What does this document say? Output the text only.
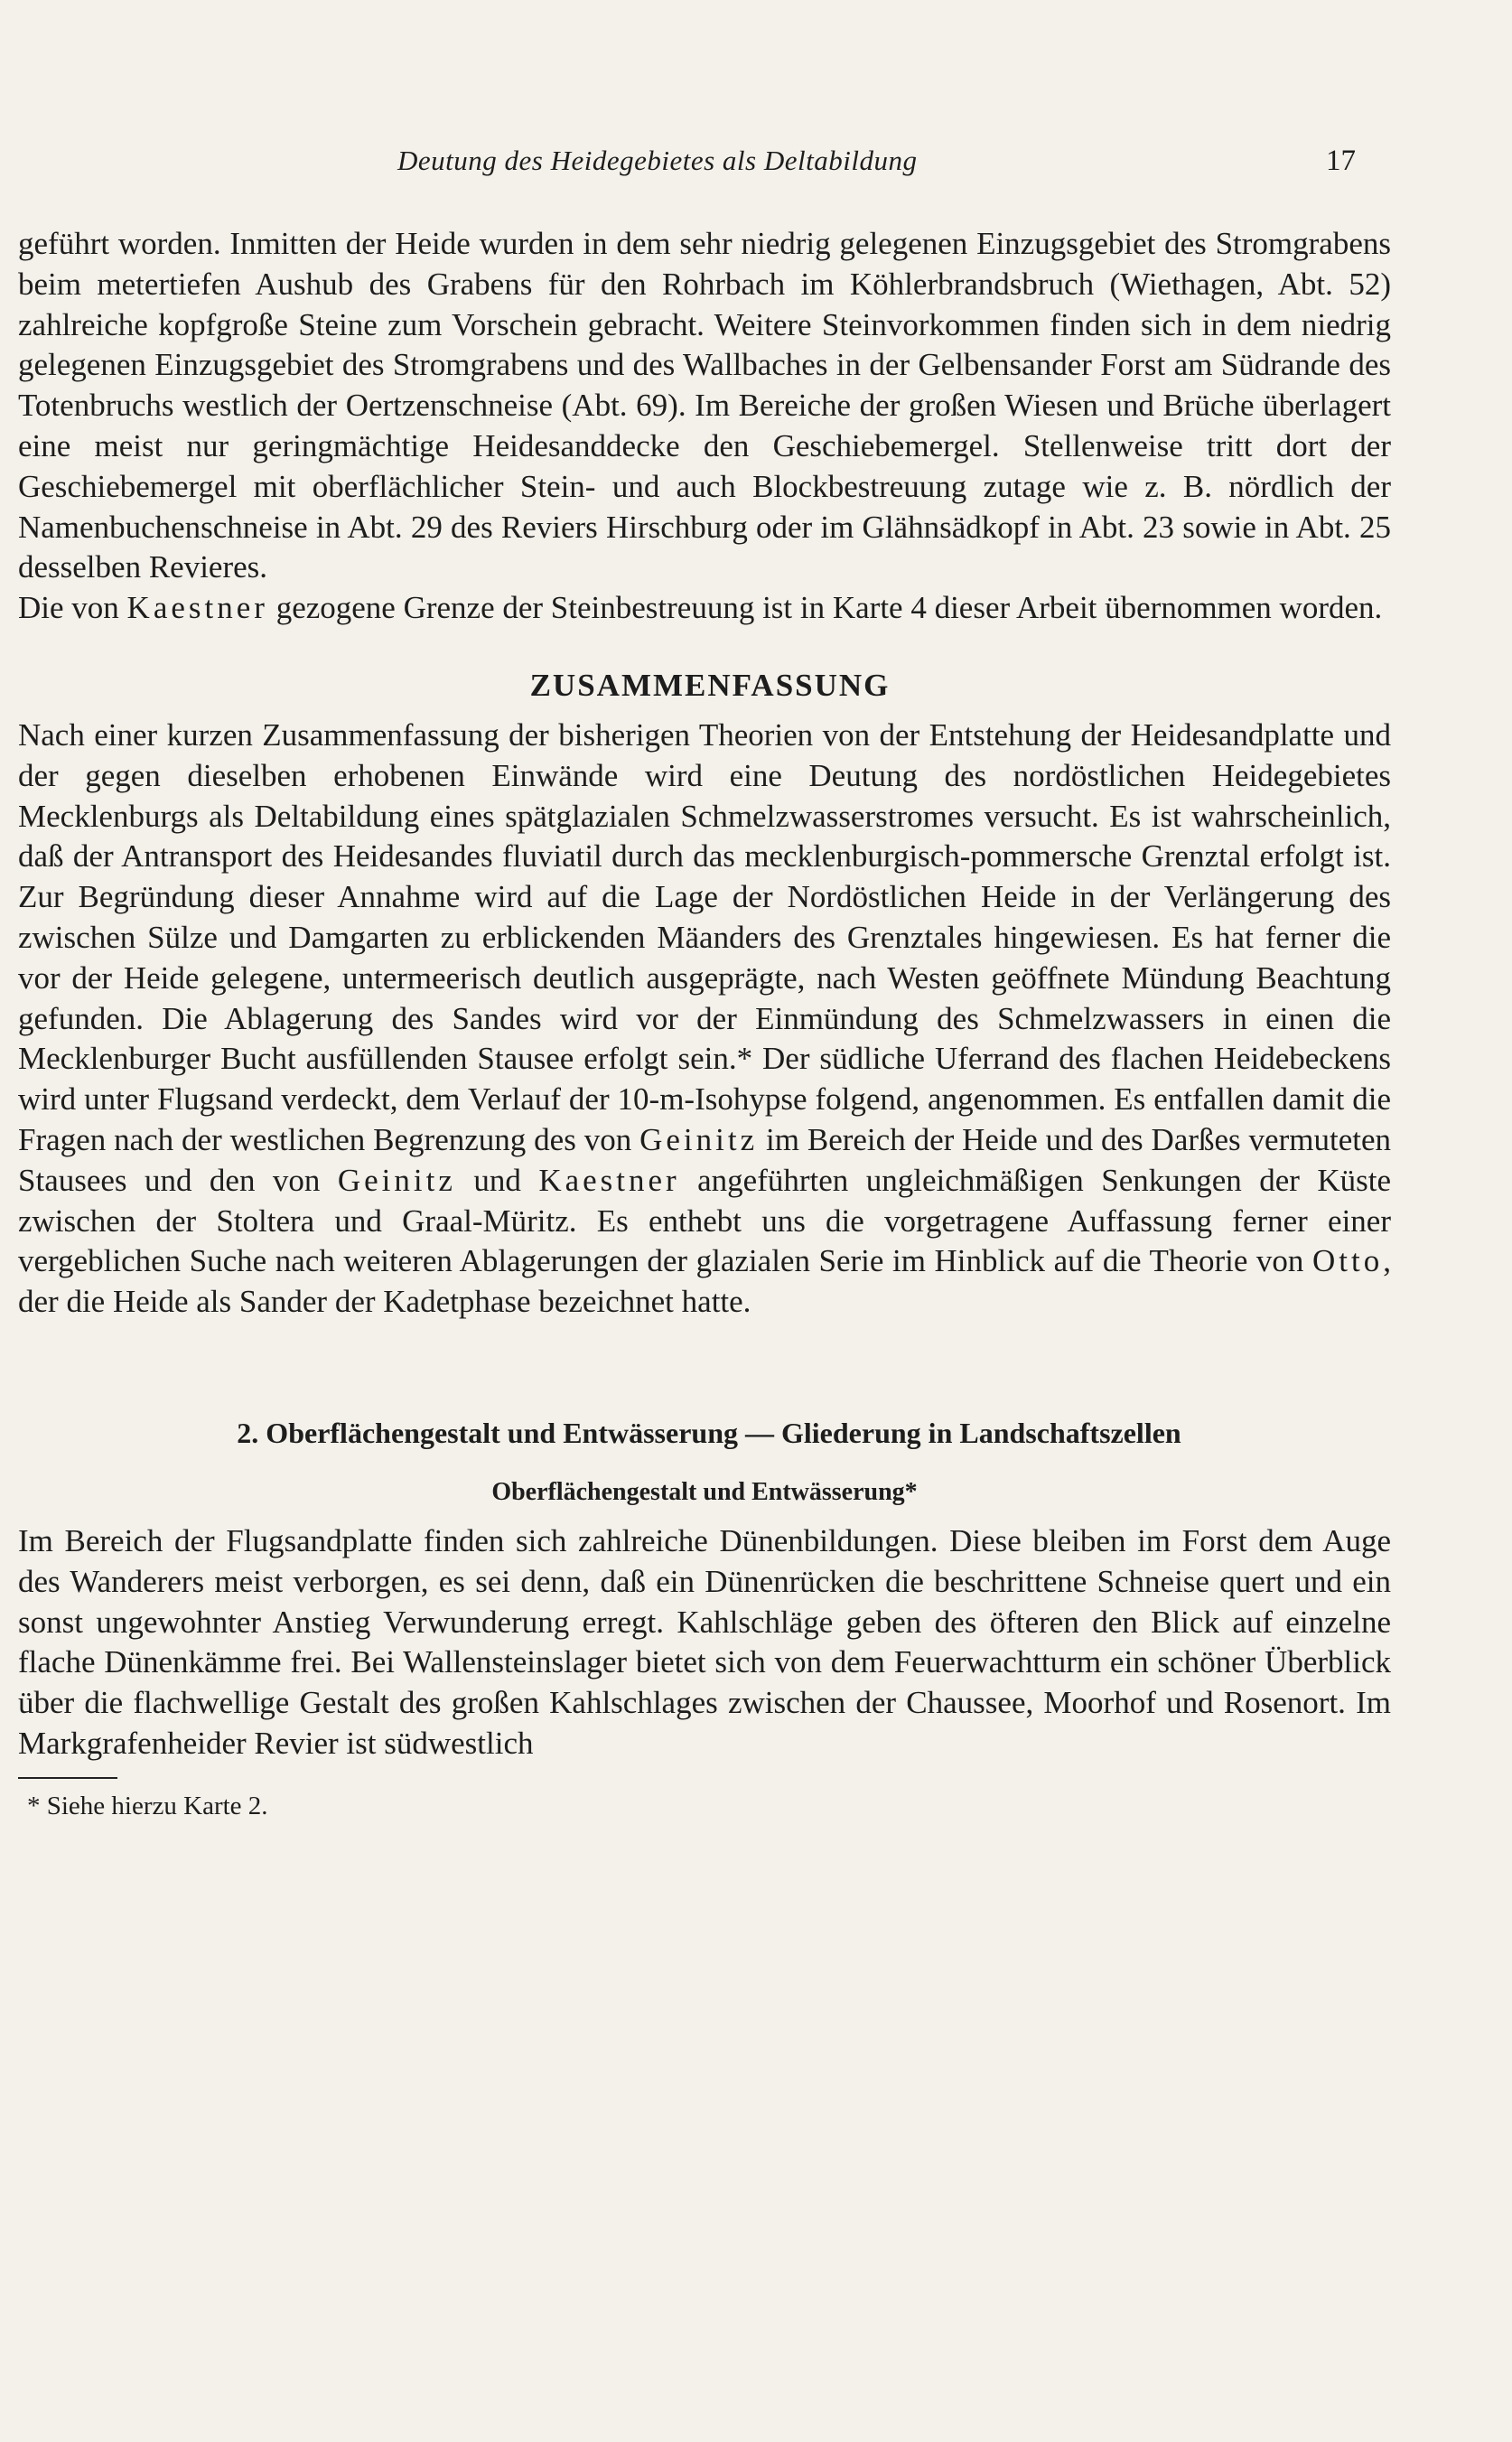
Deutung des Heidegebietes als Deltabildung	17

geführt worden. Inmitten der Heide wurden in dem sehr niedrig gelegenen Einzugsgebiet des Stromgrabens beim metertiefen Aushub des Grabens für den Rohrbach im Köhlerbrandsbruch (Wiethagen, Abt. 52) zahlreiche kopfgroße Steine zum Vorschein gebracht. Weitere Steinvorkommen finden sich in dem niedrig gelegenen Einzugsgebiet des Stromgrabens und des Wallbaches in der Gelbensander Forst am Südrande des Totenbruchs westlich der Oertzenschneise (Abt. 69). Im Bereiche der großen Wiesen und Brüche überlagert eine meist nur geringmächtige Heidesanddecke den Geschiebemergel. Stellenweise tritt dort der Geschiebemergel mit oberflächlicher Stein- und auch Blockbestreuung zutage wie z. B. nördlich der Namenbuchenschneise in Abt. 29 des Reviers Hirschburg oder im Glähnsädkopf in Abt. 23 sowie in Abt. 25 desselben Revieres.

Die von Kaestner gezogene Grenze der Steinbestreuung ist in Karte 4 dieser Arbeit übernommen worden.

ZUSAMMENFASSUNG

Nach einer kurzen Zusammenfassung der bisherigen Theorien von der Entstehung der Heidesandplatte und der gegen dieselben erhobenen Einwände wird eine Deutung des nordöstlichen Heidegebietes Mecklenburgs als Deltabildung eines spätglazialen Schmelzwasserstromes versucht. Es ist wahrscheinlich, daß der Antransport des Heidesandes fluviatil durch das mecklenburgisch-pommersche Grenztal erfolgt ist. Zur Begründung dieser Annahme wird auf die Lage der Nordöstlichen Heide in der Verlängerung des zwischen Sülze und Damgarten zu erblickenden Mäanders des Grenztales hingewiesen. Es hat ferner die vor der Heide gelegene, untermeerisch deutlich ausgeprägte, nach Westen geöffnete Mündung Beachtung gefunden. Die Ablagerung des Sandes wird vor der Einmündung des Schmelzwassers in einen die Mecklenburger Bucht ausfüllenden Stausee erfolgt sein.* Der südliche Uferrand des flachen Heidebeckens wird unter Flugsand verdeckt, dem Verlauf der 10-m-Isohypse folgend, angenommen. Es entfallen damit die Fragen nach der westlichen Begrenzung des von Geinitz im Bereich der Heide und des Darßes vermuteten Stausees und den von Geinitz und Kaestner angeführten ungleichmäßigen Senkungen der Küste zwischen der Stoltera und Graal-Müritz. Es enthebt uns die vorgetragene Auffassung ferner einer vergeblichen Suche nach weiteren Ablagerungen der glazialen Serie im Hinblick auf die Theorie von Otto, der die Heide als Sander der Kadetphase bezeichnet hatte.

2. Oberflächengestalt und Entwässerung — Gliederung in Landschaftszellen
Oberflächengestalt und Entwässerung*

Im Bereich der Flugsandplatte finden sich zahlreiche Dünenbildungen. Diese bleiben im Forst dem Auge des Wanderers meist verborgen, es sei denn, daß ein Dünenrücken die beschrittene Schneise quert und ein sonst ungewohnter Anstieg Verwunderung erregt. Kahlschläge geben des öfteren den Blick auf einzelne flache Dünenkämme frei. Bei Wallensteinslager bietet sich von dem Feuerwachtturm ein schöner Überblick über die flachwellige Gestalt des großen Kahlschlages zwischen der Chaussee, Moorhof und Rosenort. Im Markgrafenheider Revier ist südwestlich

* Siehe hierzu Karte 2.
